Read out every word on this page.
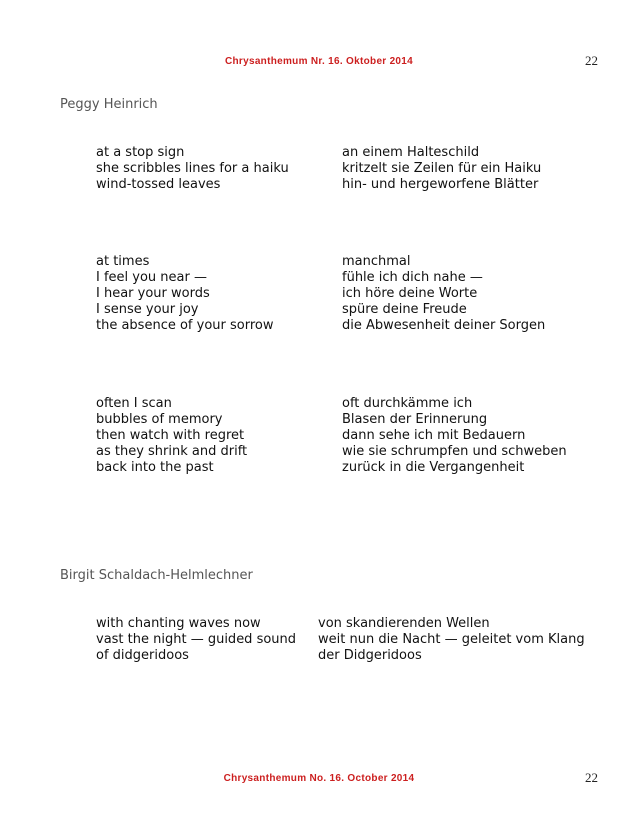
Chrysanthemum Nr. 16. Oktober 2014	22
Peggy Heinrich
at a stop sign
she scribbles lines for a haiku
wind-tossed leaves
an einem Halteschild
kritzelt sie Zeilen für ein Haiku
hin- und hergeworfene Blätter
at times
I feel you near —
I hear your words
I sense your joy
the absence of your sorrow
manchmal
fühle ich dich nahe —
ich höre deine Worte
spüre deine Freude
die Abwesenheit deiner Sorgen
often I scan
bubbles of memory
then watch with regret
as they shrink and drift
back into the past
oft durchkämme ich
Blasen der Erinnerung
dann sehe ich mit Bedauern
wie sie schrumpfen und schweben
zurück in die Vergangenheit
Birgit Schaldach-Helmlechner
with chanting waves now
vast the night — guided sound
of didgeridoos
von skandierenden Wellen
weit nun die Nacht — geleitet vom Klang
der Didgeridoos
Chrysanthemum No. 16. October 2014	22
